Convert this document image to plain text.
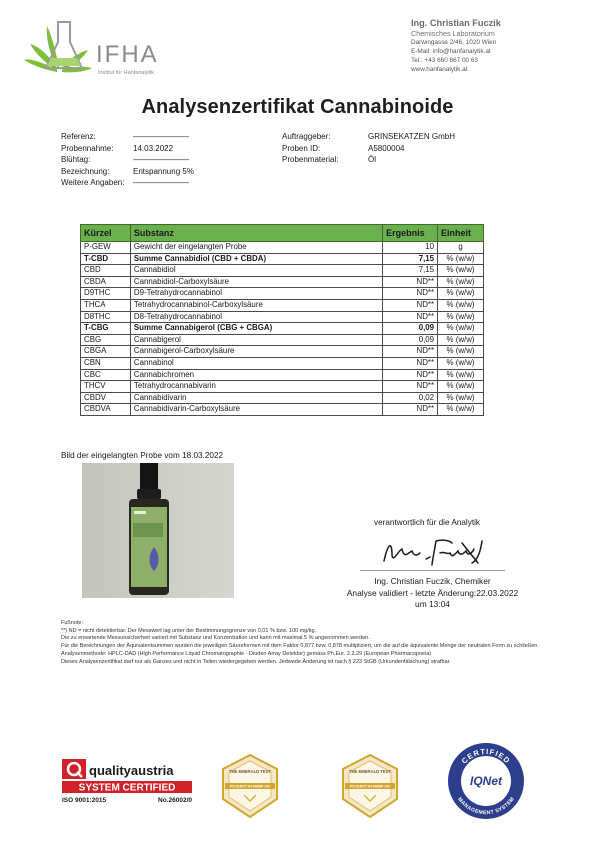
IFHA
Institut für Hanfanalytik
Ing. Christian Fuczik
Chemisches Laboratorium
Darwingasse 2/46, 1020 Wien
E-Mail: info@hanfanalytik.at
Tel.: +43 660 867 00 63
www.hanfanalytik.at
Analysenzertifikat Cannabinoide
Referenz:	———————
Probennahme:	14.03.2022
Blühtag:	———————
Bezeichnung:	Entspannung 5%
Weitere Angaben:	———————
Auftraggeber:	GRINSEKATZEN GmbH
Proben ID:	A5800004
Probenmaterial:	Öl
Kürzel	Substanz	Ergebnis	Einheit
P-GEW	Gewicht der eingelangten Probe	10	g
T-CBD	Summe Cannabidiol (CBD + CBDA)	7,15	% (w/w)
CBD	Cannabidiol	7,15	% (w/w)
CBDA	Cannabidiol-Carboxylsäure	ND**	% (w/w)
D9THC	D9-Tetrahydrocannabinol	ND**	% (w/w)
THCA	Tetrahydrocannabinol-Carboxylsäure	ND**	% (w/w)
D8THC	D8-Tetrahydrocannabinol	ND**	% (w/w)
T-CBG	Summe Cannabigerol (CBG + CBGA)	0,09	% (w/w)
CBG	Cannabigerol	0,09	% (w/w)
CBGA	Cannabigerol-Carboxylsäure	ND**	% (w/w)
CBN	Cannabinol	ND**	% (w/w)
CBC	Cannabichromen	ND**	% (w/w)
THCV	Tetrahydrocannabivarin	ND**	% (w/w)
CBDV	Cannabidivarin	0,02	% (w/w)
CBDVA	Cannabidivarin-Carboxylsäure	ND**	% (w/w)
Bild der eingelangten Probe vom 18.03.2022
verantwortlich für die Analytik
Ing. Christian Fuczik, Chemiker
Analyse validiert - letzte Änderung:22.03.2022
um 13:04
Fußnote:
**) ND = nicht detektierbar. Der Messwert lag unter der Bestimmungsgrenze von 0,01 % bzw. 100 mg/kg.
Die zu erwartende Messunsicherheit variiert mit Substanz und Konzentration und kann mit maximal 5 % angenommen werden.
Für die Berechnungen der Äquivalentsummen wurden die jeweiligen Säureformen mit dem Faktor 0,877 bzw. 0,878 multipliziert, um die auf die äquivalente Menge der neutralen Form zu schließen.
Analysenmethode: HPLC-DAD (High Performance Liquid Chromatographie - Dioden Array Detektor) gemäss Ph.Eur. 2.2.29 (European Pharmacopoeia)
Dieses Analysenzertifikat darf nur als Ganzes und nicht in Teilen wiedergegeben werden. Jedwede Änderung ist nach § 223 StGB (Urkundenfälschung) strafbar.
qualityaustria
SYSTEM CERTIFIED
ISO 9001:2015	No.26002/0
THE EMERALD TEST
POTENCY IN HEMP OI2
THE EMERALD TEST
POTENCY IN HEMP OI2
CERTIFIED
MANAGEMENT SYSTEM
IQNet
